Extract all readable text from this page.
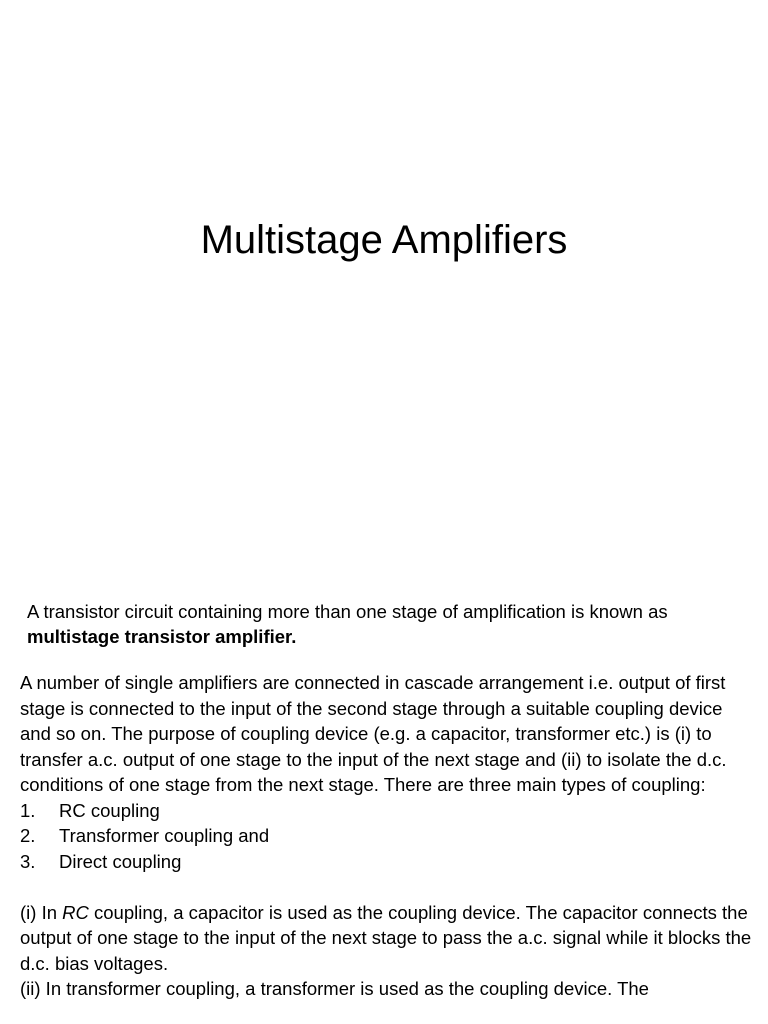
Multistage Amplifiers

A transistor circuit containing more than one stage of amplification is known as
multistage transistor amplifier.

A number of single amplifiers are connected in cascade arrangement i.e. output of first stage is connected to the input of the second stage through a suitable coupling device and so on. The purpose of coupling device (e.g. a capacitor, transformer etc.) is (i) to transfer a.c. output of one stage to the input of the next stage and (ii) to isolate the d.c. conditions of one stage from the next stage. There are three main types of coupling:

1.	RC coupling
2.	Transformer coupling and
3.	Direct coupling

(i) In RC coupling, a capacitor is used as the coupling device. The capacitor connects the output of one stage to the input of the next stage to pass the a.c. signal while it blocks the d.c. bias voltages.

(ii) In transformer coupling, a transformer is used as the coupling device. The
